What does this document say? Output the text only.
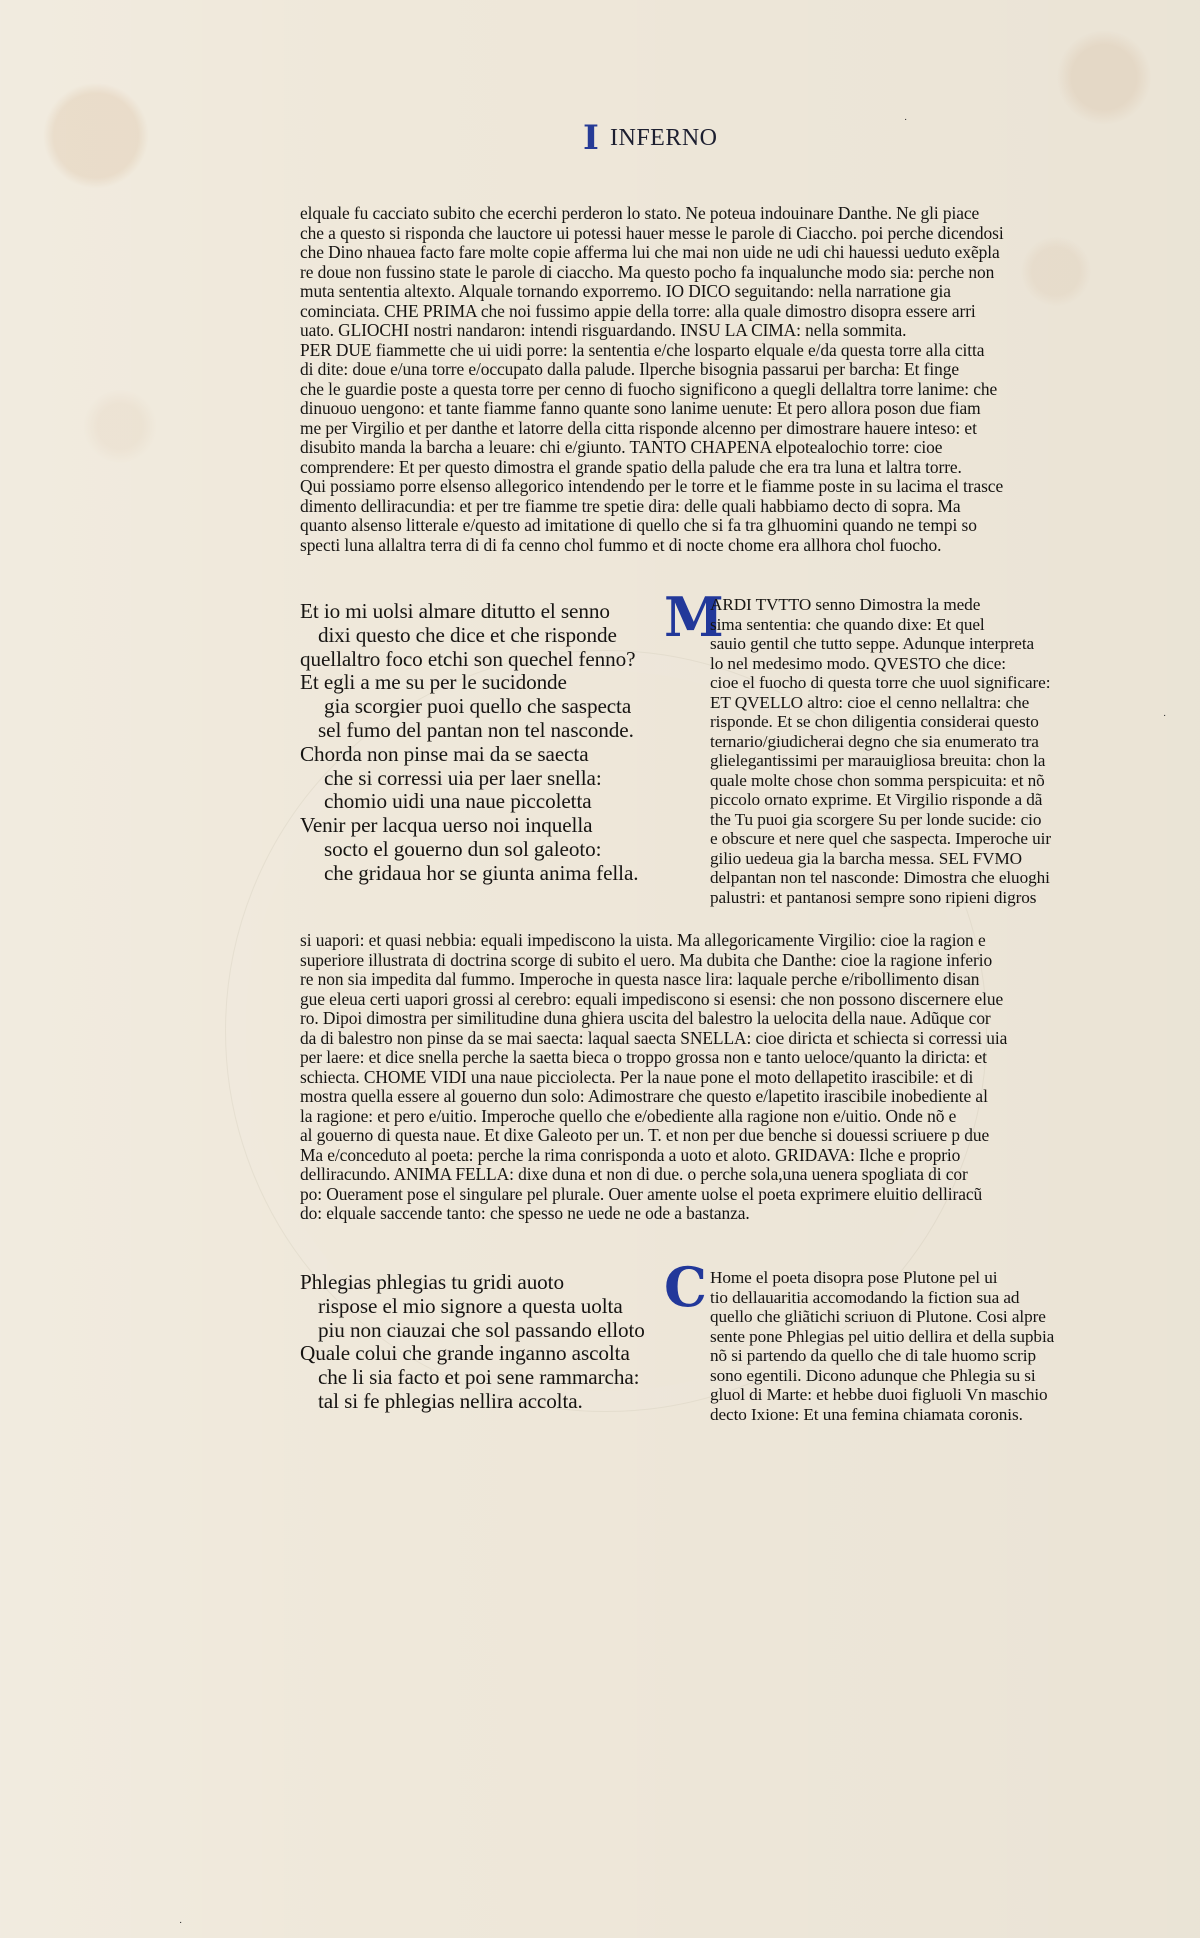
I INFERNO
elquale fu cacciato subito che ecerchi perderon lo stato. Ne poteua indouinare Danthe. Ne gli piace
che a questo si risponda che lauctore ui potessi hauer messe le parole di Ciaccho. poi perche dicendosi
che Dino nhauea facto fare molte copie afferma lui che mai non uide ne udi chi hauessi ueduto exẽpla
re doue non fussino state le parole di ciaccho. Ma questo pocho fa inqualunche modo sia: perche non
muta sententia altexto. Alquale tornando exporremo. IO DICO seguitando: nella narratione gia
cominciata. CHE PRIMA che noi fussimo appie della torre: alla quale dimostro disopra essere arri
uato. GLIOCHI nostri nandaron: intendi risguardando. INSU LA CIMA: nella sommita.
PER DUE fiammette che ui uidi porre: la sententia e/che losparto elquale e/da questa torre alla citta
di dite: doue e/una torre e/occupato dalla palude. Ilperche bisognia passarui per barcha: Et finge
che le guardie poste a questa torre per cenno di fuocho significono a quegli dellaltra torre lanime: che
dinuouo uengono: et tante fiamme fanno quante sono lanime uenute: Et pero allora poson due fiam
me per Virgilio et per danthe et latorre della citta risponde alcenno per dimostrare hauere inteso: et
disubito manda la barcha a leuare: chi e/giunto. TANTO CHAPENA elpotealochio torre: cioe
comprendere: Et per questo dimostra el grande spatio della palude che era tra luna et laltra torre.
Qui possiamo porre elsenso allegorico intendendo per le torre et le fiamme poste in su lacima el trasce
dimento delliracundia: et per tre fiamme tre spetie dira: delle quali habbiamo decto di sopra. Ma
quanto alsenso litterale e/questo ad imitatione di quello che si fa tra glhuomini quando ne tempi so
specti luna allaltra terra di di fa cenno chol fummo et di nocte chome era allhora chol fuocho.
Et io mi uolsi almare ditutto el senno
dixi questo che dice et che risponde
quellaltro foco etchi son quechel fenno?
Et egli a me su per le sucidonde
gia scorgier puoi quello che saspecta
sel fumo del pantan non tel nasconde.
Chorda non pinse mai da se saecta
che si corressi uia per laer snella:
chomio uidi una naue piccoletta
Venir per lacqua uerso noi inquella
socto el gouerno dun sol galeoto:
che gridaua hor se giunta anima fella.
M
ARDI TVTTO senno Dimostra la mede
sima sententia: che quando dixe: Et quel
sauio gentil che tutto seppe. Adunque interpreta
lo nel medesimo modo. QVESTO che dice:
cioe el fuocho di questa torre che uuol significare:
ET QVELLO altro: cioe el cenno nellaltra: che
risponde. Et se chon diligentia considerai questo
ternario/giudicherai degno che sia enumerato tra
glielegantissimi per marauigliosa breuita: chon la
quale molte chose chon somma perspicuita: et nõ
piccolo ornato exprime. Et Virgilio risponde a dã
the Tu puoi gia scorgere Su per londe sucide: cio
e obscure et nere quel che saspecta. Imperoche uir
gilio uedeua gia la barcha messa. SEL FVMO
delpantan non tel nasconde: Dimostra che eluoghi
palustri: et pantanosi sempre sono ripieni digros
si uapori: et quasi nebbia: equali impediscono la uista. Ma allegoricamente Virgilio: cioe la ragion e
superiore illustrata di doctrina scorge di subito el uero. Ma dubita che Danthe: cioe la ragione inferio
re non sia impedita dal fummo. Imperoche in questa nasce lira: laquale perche e/ribollimento disan
gue eleua certi uapori grossi al cerebro: equali impediscono si esensi: che non possono discernere elue
ro. Dipoi dimostra per similitudine duna ghiera uscita del balestro la uelocita della naue. Adũque cor
da di balestro non pinse da se mai saecta: laqual saecta SNELLA: cioe diricta et schiecta si corressi uia
per laere: et dice snella perche la saetta bieca o troppo grossa non e tanto ueloce/quanto la diricta: et
schiecta. CHOME VIDI una naue picciolecta. Per la naue pone el moto dellapetito irascibile: et di
mostra quella essere al gouerno dun solo: Adimostrare che questo e/lapetito irascibile inobediente al
la ragione: et pero e/uitio. Imperoche quello che e/obediente alla ragione non e/uitio. Onde nõ e
al gouerno di questa naue. Et dixe Galeoto per un. T. et non per due benche si douessi scriuere p due
Ma e/conceduto al poeta: perche la rima conrisponda a uoto et aloto. GRIDAVA: Ilche e proprio
delliracundo. ANIMA FELLA: dixe duna et non di due. o perche sola,una uenera spogliata di cor
po: Ouerament pose el singulare pel plurale. Ouer amente uolse el poeta exprimere eluitio delliracũ
do: elquale saccende tanto: che spesso ne uede ne ode a bastanza.
Phlegias phlegias tu gridi auoto
rispose el mio signore a questa uolta
piu non ciauzai che sol passando elloto
Quale colui che grande inganno ascolta
che li sia facto et poi sene rammarcha:
tal si fe phlegias nellira accolta.
C Home el poeta disopra pose Plutone pel ui
tio dellauaritia accomodando la fiction sua ad
quello che gliãtichi scriuon di Plutone. Cosi alpre
sente pone Phlegias pel uitio dellira et della supbia
nõ si partendo da quello che di tale huomo scrip
sono egentili. Dicono adunque che Phlegia su si
gluol di Marte: et hebbe duoi figluoli Vn maschio
decto Ixione: Et una femina chiamata coronis.
·
·
·
